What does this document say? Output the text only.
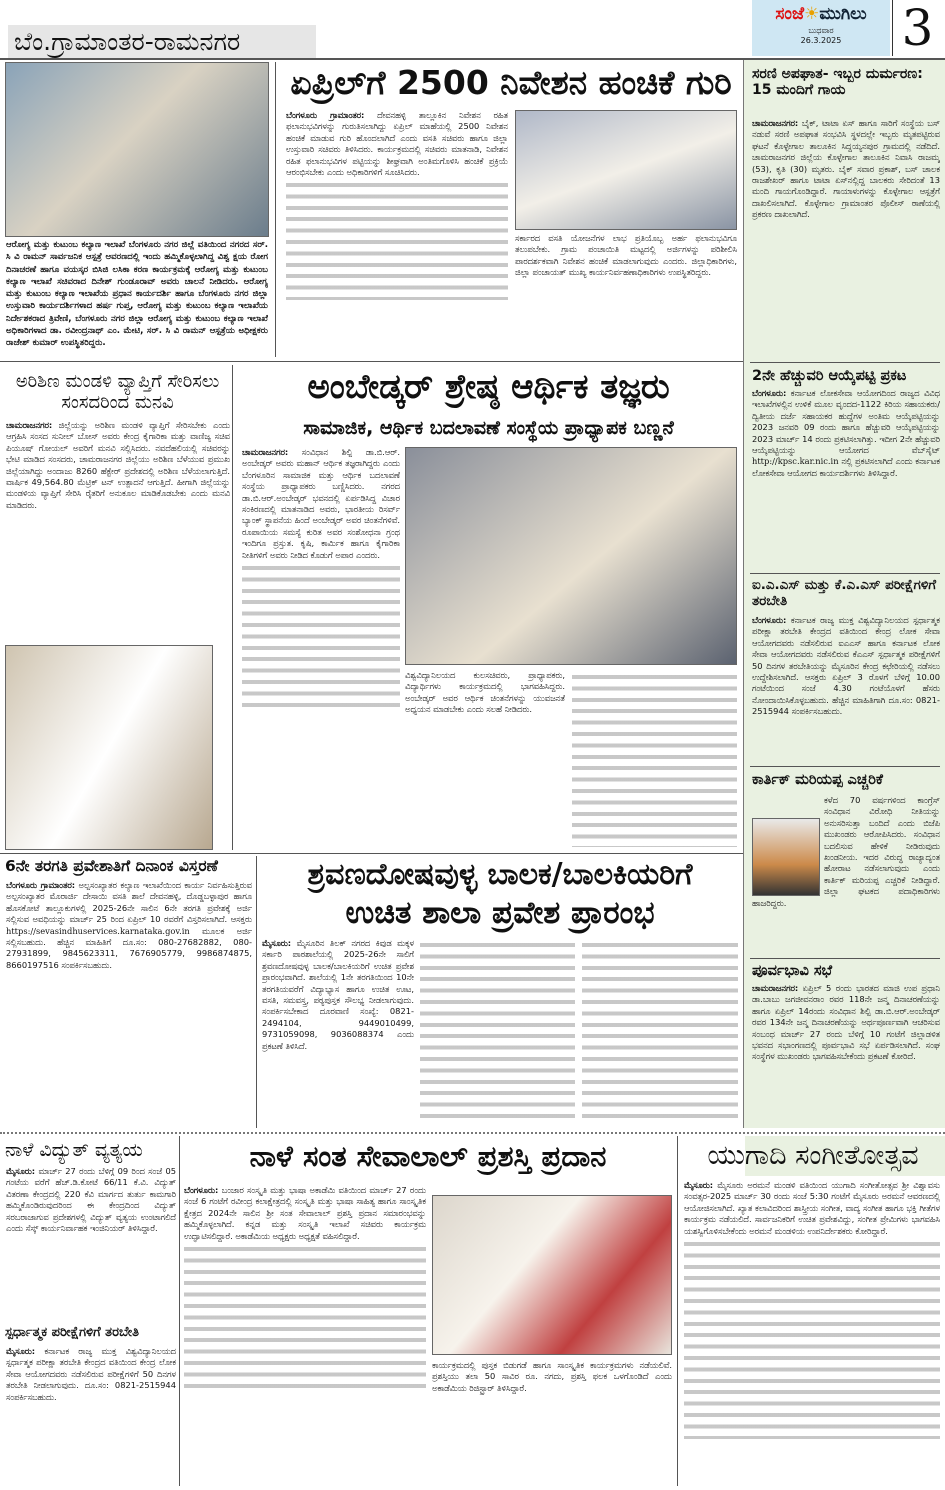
ಬೆಂ.ಗ್ರಾಮಾಂತರ-ರಾಮನಗರ
ಸಂಜೆ☀ಮುಗಿಲು
ಬುಧವಾರ
26.3.2025	3
ಆರೋಗ್ಯ ಮತ್ತು ಕುಟುಂಬ ಕಲ್ಯಾಣ ಇಲಾಖೆ ಬೆಂಗಳೂರು ನಗರ ಜಿಲ್ಲೆ ವತಿಯಿಂದ ನಗರದ ಸರ್. ಸಿ ವಿ ರಾಮನ್ ಸಾರ್ವಜನಿಕ ಆಸ್ಪತ್ರೆ ಆವರಣದಲ್ಲಿ ಇಂದು ಹಮ್ಮಿಕೊಳ್ಳಲಾಗಿದ್ದ ವಿಶ್ವ ಕ್ಷಯ ರೋಗ ದಿನಾಚರಣೆ ಹಾಗೂ ವಯಸ್ಕರ ಬಿಸಿಜಿ ಲಸಿಕಾ ಕರಣ ಕಾರ್ಯಕ್ರಮಕ್ಕೆ ಆರೋಗ್ಯ ಮತ್ತು ಕುಟುಂಬ ಕಲ್ಯಾಣ ಇಲಾಖೆ ಸಚಿವರಾದ ದಿನೇಶ್ ಗುಂಡೂರಾವ್ ಅವರು ಚಾಲನೆ ನೀಡಿದರು. ಆರೋಗ್ಯ ಮತ್ತು ಕುಟುಂಬ ಕಲ್ಯಾಣ ಇಲಾಖೆಯ ಪ್ರಧಾನ ಕಾರ್ಯದರ್ಶಿ ಹಾಗೂ ಬೆಂಗಳೂರು ನಗರ ಜಿಲ್ಲಾ ಉಸ್ತುವಾರಿ ಕಾರ್ಯದರ್ಶಿಗಳಾದ ಹರ್ಷ ಗುಪ್ತ, ಆರೋಗ್ಯ ಮತ್ತು ಕುಟುಂಬ ಕಲ್ಯಾಣ ಇಲಾಖೆಯ ನಿರ್ದೇಶಕರಾದ ತ್ರಿವೇಣಿ, ಬೆಂಗಳೂರು ನಗರ ಜಿಲ್ಲಾ ಆರೋಗ್ಯ ಮತ್ತು ಕುಟುಂಬ ಕಲ್ಯಾಣ ಇಲಾಖೆ ಅಧಿಕಾರಿಗಳಾದ ಡಾ. ರವೀಂದ್ರನಾಥ್ ಎಂ. ಮೇಟಿ, ಸರ್. ಸಿ ವಿ ರಾಮನ್ ಆಸ್ಪತ್ರೆಯ ಅಧೀಕ್ಷಕರು ರಾಜೇಶ್ ಕುಮಾರ್ ಉಪಸ್ಥಿತರಿದ್ದರು.
ಏಪ್ರಿಲ್‌ಗೆ 2500 ನಿವೇಶನ ಹಂಚಿಕೆ ಗುರಿ
ಬೆಂಗಳೂರು ಗ್ರಾಮಾಂತರ: ದೇವನಹಳ್ಳಿ ತಾಲ್ಲೂಕಿನ ನಿವೇಶನ ರಹಿತ ಫಲಾನುಭವಿಗಳನ್ನು ಗುರುತಿಸಲಾಗಿದ್ದು ಏಪ್ರಿಲ್ ಮಾಹೆಯಲ್ಲಿ 2500 ನಿವೇಶನ ಹಂಚಿಕೆ ಮಾಡುವ ಗುರಿ ಹೊಂದಲಾಗಿದೆ ಎಂದು ವಸತಿ ಸಚಿವರು ಹಾಗೂ ಜಿಲ್ಲಾ ಉಸ್ತುವಾರಿ ಸಚಿವರು ತಿಳಿಸಿದರು. ಕಾರ್ಯಕ್ರಮದಲ್ಲಿ ಸಚಿವರು ಮಾತನಾಡಿ, ನಿವೇಶನ ರಹಿತ ಫಲಾನುಭವಿಗಳ ಪಟ್ಟಿಯನ್ನು ಶೀಘ್ರವಾಗಿ ಅಂತಿಮಗೊಳಿಸಿ ಹಂಚಿಕೆ ಪ್ರಕ್ರಿಯೆ ಆರಂಭಿಸಬೇಕು ಎಂದು ಅಧಿಕಾರಿಗಳಿಗೆ ಸೂಚಿಸಿದರು.
ಸರ್ಕಾರದ ವಸತಿ ಯೋಜನೆಗಳ ಲಾಭ ಪ್ರತಿಯೊಬ್ಬ ಅರ್ಹ ಫಲಾನುಭವಿಗೂ ತಲುಪಬೇಕು. ಗ್ರಾಮ ಪಂಚಾಯಿತಿ ಮಟ್ಟದಲ್ಲಿ ಅರ್ಜಿಗಳನ್ನು ಪರಿಶೀಲಿಸಿ ಪಾರದರ್ಶಕವಾಗಿ ನಿವೇಶನ ಹಂಚಿಕೆ ಮಾಡಲಾಗುವುದು ಎಂದರು. ಜಿಲ್ಲಾಧಿಕಾರಿಗಳು, ಜಿಲ್ಲಾ ಪಂಚಾಯತ್ ಮುಖ್ಯ ಕಾರ್ಯನಿರ್ವಹಣಾಧಿಕಾರಿಗಳು ಉಪಸ್ಥಿತರಿದ್ದರು.
ಸರಣಿ ಅಪಘಾತ- ಇಬ್ಬರ ದುರ್ಮರಣ: 15 ಮಂದಿಗೆ ಗಾಯ
ಚಾಮರಾಜನಗರ: ಬೈಕ್, ಟಾಟಾ ಏಸ್ ಹಾಗೂ ಸಾರಿಗೆ ಸಂಸ್ಥೆಯ ಬಸ್ ನಡುವೆ ಸರಣಿ ಅಪಘಾತ ಸಂಭವಿಸಿ ಸ್ಥಳದಲ್ಲೇ ಇಬ್ಬರು ಮೃತಪಟ್ಟಿರುವ ಘಟನೆ ಕೊಳ್ಳೇಗಾಲ ತಾಲೂಕಿನ ಸಿದ್ದಯ್ಯನಪುರ ಗ್ರಾಮದಲ್ಲಿ ನಡೆದಿದೆ. ಚಾಮರಾಜನಗರ ಜಿಲ್ಲೆಯ ಕೊಳ್ಳೇಗಾಲ ತಾಲೂಕಿನ ನಿವಾಸಿ ರಾಜಮ್ಮ (53), ಕೃತಿ (30) ಮೃತರು. ಬೈಕ್ ಸವಾರ ಪ್ರಕಾಶ್, ಬಸ್ ಚಾಲಕ ರಾಜಶೇಖರ್ ಹಾಗೂ ಟಾಟಾ ಏಸ್‌ನಲ್ಲಿದ್ದ ಬಾಲಕರು ಸೇರಿದಂತೆ 13 ಮಂದಿ ಗಾಯಗೊಂಡಿದ್ದಾರೆ. ಗಾಯಾಳುಗಳನ್ನು ಕೊಳ್ಳೇಗಾಲ ಆಸ್ಪತ್ರೆಗೆ ದಾಖಲಿಸಲಾಗಿದೆ. ಕೊಳ್ಳೇಗಾಲ ಗ್ರಾಮಾಂತರ ಪೊಲೀಸ್ ಠಾಣೆಯಲ್ಲಿ ಪ್ರಕರಣ ದಾಖಲಾಗಿದೆ.
2ನೇ ಹೆಚ್ಚುವರಿ ಆಯ್ಕೆಪಟ್ಟಿ ಪ್ರಕಟ
ಬೆಂಗಳೂರು: ಕರ್ನಾಟಕ ಲೋಕಸೇವಾ ಆಯೋಗದಿಂದ ರಾಜ್ಯದ ವಿವಿಧ ಇಲಾಖೆಗಳಲ್ಲಿನ ಉಳಿಕೆ ಮೂಲ ವೃಂದದ-1122 ಕಿರಿಯ ಸಹಾಯಕರು/ದ್ವಿತೀಯ ದರ್ಜೆ ಸಹಾಯಕರ ಹುದ್ದೆಗಳ ಅಂತಿಮ ಆಯ್ಕೆಪಟ್ಟಿಯನ್ನು 2023 ಜನವರಿ 09 ರಂದು ಹಾಗೂ ಹೆಚ್ಚುವರಿ ಆಯ್ಕೆಪಟ್ಟಿಯನ್ನು 2023 ಮಾರ್ಚ್ 14 ರಂದು ಪ್ರಕಟಿಸಲಾಗಿತ್ತು. ಇದೀಗ 2ನೇ ಹೆಚ್ಚುವರಿ ಆಯ್ಕೆಪಟ್ಟಿಯನ್ನು ಆಯೋಗದ ವೆಬ್‌ಸೈಟ್ http://kpsc.kar.nic.in ನಲ್ಲಿ ಪ್ರಕಟಿಸಲಾಗಿದೆ ಎಂದು ಕರ್ನಾಟಕ ಲೋಕಸೇವಾ ಆಯೋಗದ ಕಾರ್ಯದರ್ಶಿಗಳು ತಿಳಿಸಿದ್ದಾರೆ.
ಐ.ಎ.ಎಸ್ ಮತ್ತು ಕೆ.ಎ.ಎಸ್ ಪರೀಕ್ಷೆಗಳಿಗೆ ತರಬೇತಿ
ಬೆಂಗಳೂರು: ಕರ್ನಾಟಕ ರಾಜ್ಯ ಮುಕ್ತ ವಿಶ್ವವಿದ್ಯಾನಿಲಯದ ಸ್ಪರ್ಧಾತ್ಮಕ ಪರೀಕ್ಷಾ ತರಬೇತಿ ಕೇಂದ್ರದ ವತಿಯಿಂದ ಕೇಂದ್ರ ಲೋಕ ಸೇವಾ ಆಯೋಗದವರು ನಡೆಸಲಿರುವ ಐಎಎಸ್ ಹಾಗೂ ಕರ್ನಾಟಕ ಲೋಕ ಸೇವಾ ಆಯೋಗದವರು ನಡೆಸಲಿರುವ ಕೆಎಎಸ್ ಸ್ಪರ್ಧಾತ್ಮಕ ಪರೀಕ್ಷೆಗಳಿಗೆ 50 ದಿನಗಳ ತರಬೇತಿಯನ್ನು ಮೈಸೂರಿನ ಕೇಂದ್ರ ಕಛೇರಿಯಲ್ಲಿ ನಡೆಸಲು ಉದ್ದೇಶಿಸಲಾಗಿದೆ. ಆಸಕ್ತರು ಏಪ್ರಿಲ್ 3 ರೊಳಗೆ ಬೆಳಿಗ್ಗೆ 10.00 ಗಂಟೆಯಿಂದ ಸಂಜೆ 4.30 ಗಂಟೆಯೊಳಗೆ ಹೆಸರು ನೋಂದಾಯಿಸಿಕೊಳ್ಳಬಹುದು. ಹೆಚ್ಚಿನ ಮಾಹಿತಿಗಾಗಿ ದೂ.ಸಂ: 0821-2515944 ಸಂಪರ್ಕಿಸಬಹುದು.
ಕಾರ್ತಿಕ್ ಮರಿಯಪ್ಪ ಎಚ್ಚರಿಕೆ
ಕಳೆದ 70 ವರ್ಷಗಳಿಂದ ಕಾಂಗ್ರೆಸ್ ಸಂವಿಧಾನ ವಿರೋಧಿ ನೀತಿಯನ್ನು ಅನುಸರಿಸುತ್ತಾ ಬಂದಿದೆ ಎಂದು ಬಿಜೆಪಿ ಮುಖಂಡರು ಆರೋಪಿಸಿದರು. ಸಂವಿಧಾನ ಬದಲಿಸುವ ಹೇಳಿಕೆ ನೀಡಿರುವುದು ಖಂಡನೀಯ. ಇದರ ವಿರುದ್ಧ ರಾಜ್ಯಾದ್ಯಂತ ಹೋರಾಟ ನಡೆಸಲಾಗುವುದು ಎಂದು ಕಾರ್ತಿಕ್ ಮರಿಯಪ್ಪ ಎಚ್ಚರಿಕೆ ನೀಡಿದ್ದಾರೆ. ಜಿಲ್ಲಾ ಘಟಕದ ಪದಾಧಿಕಾರಿಗಳು ಹಾಜರಿದ್ದರು.
ಪೂರ್ವಭಾವಿ ಸಭೆ
ಚಾಮರಾಜನಗರ: ಏಪ್ರಿಲ್ 5 ರಂದು ಭಾರತದ ಮಾಜಿ ಉಪ ಪ್ರಧಾನಿ ಡಾ.ಬಾಬು ಜಗಜೀವನರಾಂ ರವರ 118ನೇ ಜನ್ಮ ದಿನಾಚರಣೆಯನ್ನು ಹಾಗೂ ಏಪ್ರಿಲ್ 14ರಂದು ಸಂವಿಧಾನ ಶಿಲ್ಪಿ ಡಾ.ಬಿ.ಆರ್.ಅಂಬೇಡ್ಕರ್ ರವರ 134ನೇ ಜನ್ಮ ದಿನಾಚರಣೆಯನ್ನು ಅರ್ಥಪೂರ್ಣವಾಗಿ ಆಚರಿಸುವ ಸಂಬಂಧ ಮಾರ್ಚ್ 27 ರಂದು ಬೆಳಿಗ್ಗೆ 10 ಗಂಟೆಗೆ ಜಿಲ್ಲಾಡಳಿತ ಭವನದ ಸಭಾಂಗಣದಲ್ಲಿ ಪೂರ್ವಭಾವಿ ಸಭೆ ಏರ್ಪಡಿಸಲಾಗಿದೆ. ಸಂಘ ಸಂಸ್ಥೆಗಳ ಮುಖಂಡರು ಭಾಗವಹಿಸಬೇಕೆಂದು ಪ್ರಕಟಣೆ ಕೋರಿದೆ.
ಅರಿಶಿಣ ಮಂಡಳಿ ವ್ಯಾಪ್ತಿಗೆ ಸೇರಿಸಲು ಸಂಸದರಿಂದ ಮನವಿ
ಚಾಮರಾಜನಗರ: ಜಿಲ್ಲೆಯನ್ನು ಅರಿಶಿಣ ಮಂಡಳಿ ವ್ಯಾಪ್ತಿಗೆ ಸೇರಿಸಬೇಕು ಎಂದು ಆಗ್ರಹಿಸಿ ಸಂಸದ ಸುನೀಲ್ ಬೋಸ್ ಅವರು ಕೇಂದ್ರ ಕೈಗಾರಿಕಾ ಮತ್ತು ವಾಣಿಜ್ಯ ಸಚಿವ ಪಿಯೂಷ್ ಗೋಯಲ್ ಅವರಿಗೆ ಮನವಿ ಸಲ್ಲಿಸಿದರು. ನವದೆಹಲಿಯಲ್ಲಿ ಸಚಿವರನ್ನು ಭೇಟಿ ಮಾಡಿದ ಸಂಸದರು, ಚಾಮರಾಜನಗರ ಜಿಲ್ಲೆಯು ಅರಿಶಿಣ ಬೆಳೆಯುವ ಪ್ರಮುಖ ಜಿಲ್ಲೆಯಾಗಿದ್ದು ಅಂದಾಜು 8260 ಹೆಕ್ಟೇರ್ ಪ್ರದೇಶದಲ್ಲಿ ಅರಿಶಿಣ ಬೆಳೆಯಲಾಗುತ್ತಿದೆ. ವಾರ್ಷಿಕ 49,564.80 ಮೆಟ್ರಿಕ್ ಟನ್ ಉತ್ಪಾದನೆ ಆಗುತ್ತಿದೆ. ಹೀಗಾಗಿ ಜಿಲ್ಲೆಯನ್ನು ಮಂಡಳಿಯ ವ್ಯಾಪ್ತಿಗೆ ಸೇರಿಸಿ ರೈತರಿಗೆ ಅನುಕೂಲ ಮಾಡಿಕೊಡಬೇಕು ಎಂದು ಮನವಿ ಮಾಡಿದರು.
ಅಂಬೇಡ್ಕರ್ ಶ್ರೇಷ್ಠ ಆರ್ಥಿಕ ತಜ್ಞರು
ಸಾಮಾಜಿಕ, ಆರ್ಥಿಕ ಬದಲಾವಣೆ ಸಂಸ್ಥೆಯ ಪ್ರಾಧ್ಯಾಪಕ ಬಣ್ಣನೆ
ಚಾಮರಾಜನಗರ: ಸಂವಿಧಾನ ಶಿಲ್ಪಿ ಡಾ.ಬಿ.ಆರ್. ಅಂಬೇಡ್ಕರ್ ಅವರು ಮಹಾನ್ ಆರ್ಥಿಕ ತಜ್ಞರಾಗಿದ್ದರು ಎಂದು ಬೆಂಗಳೂರಿನ ಸಾಮಾಜಿಕ ಮತ್ತು ಆರ್ಥಿಕ ಬದಲಾವಣೆ ಸಂಸ್ಥೆಯ ಪ್ರಾಧ್ಯಾಪಕರು ಬಣ್ಣಿಸಿದರು. ನಗರದ ಡಾ.ಬಿ.ಆರ್.ಅಂಬೇಡ್ಕರ್ ಭವನದಲ್ಲಿ ಏರ್ಪಡಿಸಿದ್ದ ವಿಚಾರ ಸಂಕಿರಣದಲ್ಲಿ ಮಾತನಾಡಿದ ಅವರು, ಭಾರತೀಯ ರಿಸರ್ವ್ ಬ್ಯಾಂಕ್ ಸ್ಥಾಪನೆಯ ಹಿಂದೆ ಅಂಬೇಡ್ಕರ್ ಅವರ ಚಿಂತನೆಗಳಿವೆ. ರೂಪಾಯಿಯ ಸಮಸ್ಯೆ ಕುರಿತ ಅವರ ಸಂಶೋಧನಾ ಗ್ರಂಥ ಇಂದಿಗೂ ಪ್ರಸ್ತುತ. ಕೃಷಿ, ಕಾರ್ಮಿಕ ಹಾಗೂ ಕೈಗಾರಿಕಾ ನೀತಿಗಳಿಗೆ ಅವರು ನೀಡಿದ ಕೊಡುಗೆ ಅಪಾರ ಎಂದರು.
ವಿಶ್ವವಿದ್ಯಾನಿಲಯದ ಕುಲಸಚಿವರು, ಪ್ರಾಧ್ಯಾಪಕರು, ವಿದ್ಯಾರ್ಥಿಗಳು ಕಾರ್ಯಕ್ರಮದಲ್ಲಿ ಭಾಗವಹಿಸಿದ್ದರು. ಅಂಬೇಡ್ಕರ್ ಅವರ ಆರ್ಥಿಕ ಚಿಂತನೆಗಳನ್ನು ಯುವಜನತೆ ಅಧ್ಯಯನ ಮಾಡಬೇಕು ಎಂದು ಸಲಹೆ ನೀಡಿದರು.
6ನೇ ತರಗತಿ ಪ್ರವೇಶಾತಿಗೆ ದಿನಾಂಕ ವಿಸ್ತರಣೆ
ಬೆಂಗಳೂರು ಗ್ರಾಮಾಂತರ: ಅಲ್ಪಸಂಖ್ಯಾತರ ಕಲ್ಯಾಣ ಇಲಾಖೆಯಿಂದ ಕಾರ್ಯ ನಿರ್ವಹಿಸುತ್ತಿರುವ ಅಲ್ಪಸಂಖ್ಯಾತರ ಮೊರಾರ್ಜಿ ದೇಸಾಯಿ ವಸತಿ ಶಾಲೆ ದೇವನಹಳ್ಳಿ, ದೊಡ್ಡಬಳ್ಳಾಪುರ ಹಾಗೂ ಹೊಸಕೋಟೆ ತಾಲ್ಲೂಕುಗಳಲ್ಲಿ 2025-26ನೇ ಸಾಲಿನ 6ನೇ ತರಗತಿ ಪ್ರವೇಶಕ್ಕೆ ಅರ್ಜಿ ಸಲ್ಲಿಸುವ ಅವಧಿಯನ್ನು ಮಾರ್ಚ್ 25 ರಿಂದ ಏಪ್ರಿಲ್ 10 ರವರೆಗೆ ವಿಸ್ತರಿಸಲಾಗಿದೆ. ಆಸಕ್ತರು https://sevasindhuservices.karnataka.gov.in ಮೂಲಕ ಅರ್ಜಿ ಸಲ್ಲಿಸಬಹುದು. ಹೆಚ್ಚಿನ ಮಾಹಿತಿಗೆ ದೂ.ಸಂ: 080-27682882, 080-27931899, 9845623311, 7676905779, 9986874875, 8660197516 ಸಂಪರ್ಕಿಸಬಹುದು.
ಶ್ರವಣದೋಷವುಳ್ಳ ಬಾಲಕ/ಬಾಲಕಿಯರಿಗೆ
ಉಚಿತ ಶಾಲಾ ಪ್ರವೇಶ ಪ್ರಾರಂಭ
ಮೈಸೂರು: ಮೈಸೂರಿನ ತಿಲಕ್ ನಗರದ ಕಿವುಡ ಮಕ್ಕಳ ಸರ್ಕಾರಿ ಪಾಠಶಾಲೆಯಲ್ಲಿ 2025-26ನೇ ಸಾಲಿಗೆ ಶ್ರವಣದೋಷವುಳ್ಳ ಬಾಲಕ/ಬಾಲಕಿಯರಿಗೆ ಉಚಿತ ಪ್ರವೇಶ ಪ್ರಾರಂಭವಾಗಿದೆ. ಶಾಲೆಯಲ್ಲಿ 1ನೇ ತರಗತಿಯಿಂದ 10ನೇ ತರಗತಿಯವರೆಗೆ ವಿದ್ಯಾಭ್ಯಾಸ ಹಾಗೂ ಉಚಿತ ಊಟ, ವಸತಿ, ಸಮವಸ್ತ್ರ, ಪಠ್ಯಪುಸ್ತಕ ಸೌಲಭ್ಯ ನೀಡಲಾಗುವುದು. ಸಂಪರ್ಕಿಸಬೇಕಾದ ದೂರವಾಣಿ ಸಂಖ್ಯೆ: 0821-2494104, 9449010499, 9731059098, 9036088374 ಎಂದು ಪ್ರಕಟಣೆ ತಿಳಿಸಿದೆ.
ನಾಳೆ ವಿದ್ಯುತ್ ವ್ಯತ್ಯಯ
ಮೈಸೂರು: ಮಾರ್ಚ್ 27 ರಂದು ಬೆಳಿಗ್ಗೆ 09 ರಿಂದ ಸಂಜೆ 05 ಗಂಟೆಯ ವರೆಗೆ ಹೆಚ್.ಡಿ.ಕೋಟೆ 66/11 ಕೆ.ವಿ. ವಿದ್ಯುತ್ ವಿತರಣಾ ಕೇಂದ್ರದಲ್ಲಿ 220 ಕೆವಿ ಮಾರ್ಗದ ತುರ್ತು ಕಾಮಗಾರಿ ಹಮ್ಮಿಕೊಂಡಿರುವುದರಿಂದ ಈ ಕೇಂದ್ರದಿಂದ ವಿದ್ಯುತ್ ಸರಬರಾಜಾಗುವ ಪ್ರದೇಶಗಳಲ್ಲಿ ವಿದ್ಯುತ್ ವ್ಯತ್ಯಯ ಉಂಟಾಗಲಿದೆ ಎಂದು ಸೆಸ್ಕ್ ಕಾರ್ಯನಿರ್ವಾಹಕ ಇಂಜಿನಿಯರ್ ತಿಳಿಸಿದ್ದಾರೆ.
ಸ್ಪರ್ಧಾತ್ಮಕ ಪರೀಕ್ಷೆಗಳಿಗೆ ತರಬೇತಿ
ಮೈಸೂರು: ಕರ್ನಾಟಕ ರಾಜ್ಯ ಮುಕ್ತ ವಿಶ್ವವಿದ್ಯಾನಿಲಯದ ಸ್ಪರ್ಧಾತ್ಮಕ ಪರೀಕ್ಷಾ ತರಬೇತಿ ಕೇಂದ್ರದ ವತಿಯಿಂದ ಕೇಂದ್ರ ಲೋಕ ಸೇವಾ ಆಯೋಗದವರು ನಡೆಸಲಿರುವ ಪರೀಕ್ಷೆಗಳಿಗೆ 50 ದಿನಗಳ ತರಬೇತಿ ನೀಡಲಾಗುವುದು. ದೂ.ಸಂ: 0821-2515944 ಸಂಪರ್ಕಿಸಬಹುದು.
ನಾಳೆ ಸಂತ ಸೇವಾಲಾಲ್ ಪ್ರಶಸ್ತಿ ಪ್ರದಾನ
ಬೆಂಗಳೂರು: ಬಂಜಾರ ಸಂಸ್ಕೃತಿ ಮತ್ತು ಭಾಷಾ ಅಕಾಡೆಮಿ ವತಿಯಿಂದ ಮಾರ್ಚ್ 27 ರಂದು ಸಂಜೆ 6 ಗಂಟೆಗೆ ರವೀಂದ್ರ ಕಲಾಕ್ಷೇತ್ರದಲ್ಲಿ ಸಂಸ್ಕೃತಿ ಮತ್ತು ಭಾಷಾ ಸಾಹಿತ್ಯ ಹಾಗೂ ಸಾಂಸ್ಕೃತಿಕ ಕ್ಷೇತ್ರದ 2024ನೇ ಸಾಲಿನ ಶ್ರೀ ಸಂತ ಸೇವಾಲಾಲ್ ಪ್ರಶಸ್ತಿ ಪ್ರದಾನ ಸಮಾರಂಭವನ್ನು ಹಮ್ಮಿಕೊಳ್ಳಲಾಗಿದೆ. ಕನ್ನಡ ಮತ್ತು ಸಂಸ್ಕೃತಿ ಇಲಾಖೆ ಸಚಿವರು ಕಾರ್ಯಕ್ರಮ ಉದ್ಘಾಟಿಸಲಿದ್ದಾರೆ. ಅಕಾಡೆಮಿಯ ಅಧ್ಯಕ್ಷರು ಅಧ್ಯಕ್ಷತೆ ವಹಿಸಲಿದ್ದಾರೆ.
ಕಾರ್ಯಕ್ರಮದಲ್ಲಿ ಪುಸ್ತಕ ಬಿಡುಗಡೆ ಹಾಗೂ ಸಾಂಸ್ಕೃತಿಕ ಕಾರ್ಯಕ್ರಮಗಳು ನಡೆಯಲಿವೆ. ಪ್ರಶಸ್ತಿಯು ತಲಾ 50 ಸಾವಿರ ರೂ. ನಗದು, ಪ್ರಶಸ್ತಿ ಫಲಕ ಒಳಗೊಂಡಿದೆ ಎಂದು ಅಕಾಡೆಮಿಯ ರಿಜಿಸ್ಟ್ರಾರ್ ತಿಳಿಸಿದ್ದಾರೆ.
ಯುಗಾದಿ ಸಂಗೀತೋತ್ಸವ
ಮೈಸೂರು: ಮೈಸೂರು ಅರಮನೆ ಮಂಡಳಿ ವತಿಯಿಂದ ಯುಗಾದಿ ಸಂಗೀತೋತ್ಸವ ಶ್ರೀ ವಿಶ್ವಾವಸು ಸಂವತ್ಸರ-2025 ಮಾರ್ಚ್ 30 ರಂದು ಸಂಜೆ 5:30 ಗಂಟೆಗೆ ಮೈಸೂರು ಅರಮನೆ ಆವರಣದಲ್ಲಿ ಆಯೋಜಿಸಲಾಗಿದೆ. ಖ್ಯಾತ ಕಲಾವಿದರಿಂದ ಶಾಸ್ತ್ರೀಯ ಸಂಗೀತ, ವಾದ್ಯ ಸಂಗೀತ ಹಾಗೂ ಭಕ್ತಿ ಗೀತೆಗಳ ಕಾರ್ಯಕ್ರಮ ನಡೆಯಲಿದೆ. ಸಾರ್ವಜನಿಕರಿಗೆ ಉಚಿತ ಪ್ರವೇಶವಿದ್ದು, ಸಂಗೀತ ಪ್ರೇಮಿಗಳು ಭಾಗವಹಿಸಿ ಯಶಸ್ವಿಗೊಳಿಸಬೇಕೆಂದು ಅರಮನೆ ಮಂಡಳಿಯ ಉಪನಿರ್ದೇಶಕರು ಕೋರಿದ್ದಾರೆ.
